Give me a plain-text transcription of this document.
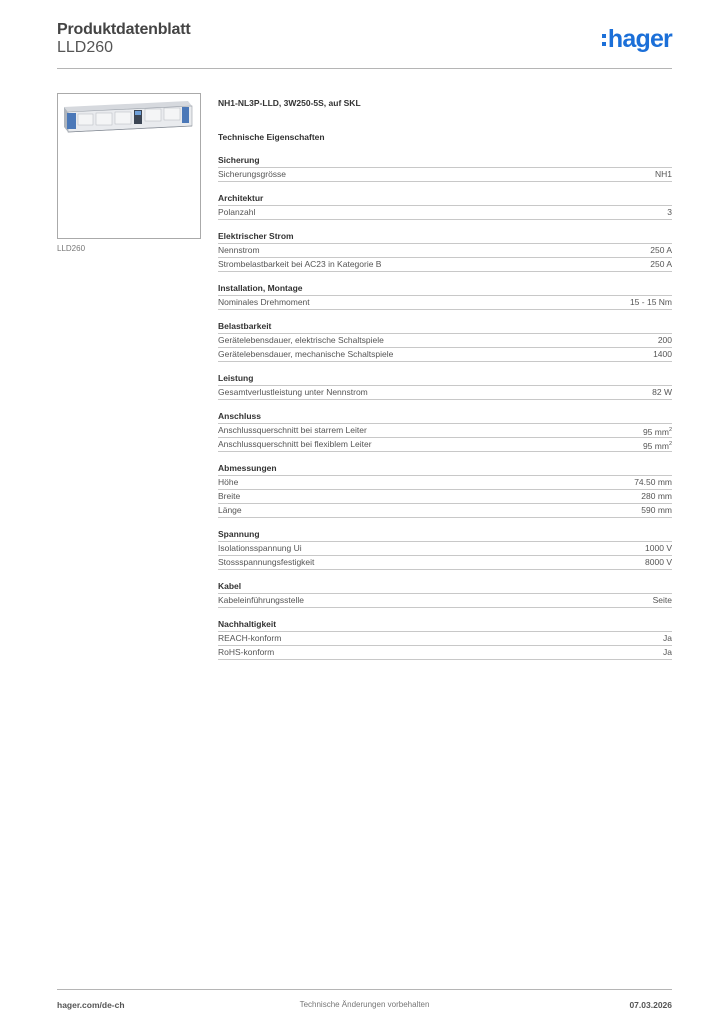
Produktdatenblatt
LLD260	hager
LLD260
NH1-NL3P-LLD, 3W250-5S, auf SKL
Technische Eigenschaften
Sicherung
Sicherungsgrösse	NH1
Architektur
Polanzahl	3
Elektrischer Strom
Nennstrom	250 A
Strombelastbarkeit bei AC23 in Kategorie B	250 A
Installation, Montage
Nominales Drehmoment	15 - 15 Nm
Belastbarkeit
Gerätelebensdauer, elektrische Schaltspiele	200
Gerätelebensdauer, mechanische Schaltspiele	1400
Leistung
Gesamtverlustleistung unter Nennstrom	82 W
Anschluss
Anschlussquerschnitt bei starrem Leiter	95 $mm^2$
Anschlussquerschnitt bei flexiblem Leiter	95 $mm^2$
Abmessungen
Höhe	74.50 mm
Breite	280 mm
Länge	590 mm
Spannung
Isolationsspannung Ui	1000 V
Stossspannungsfestigkeit	8000 V
Kabel
Kabeleinführungsstelle	Seite
Nachhaltigkeit
REACH-konform	Ja
RoHS-konform	Ja
hager.com/de-ch	Technische Änderungen vorbehalten	07.03.2026
